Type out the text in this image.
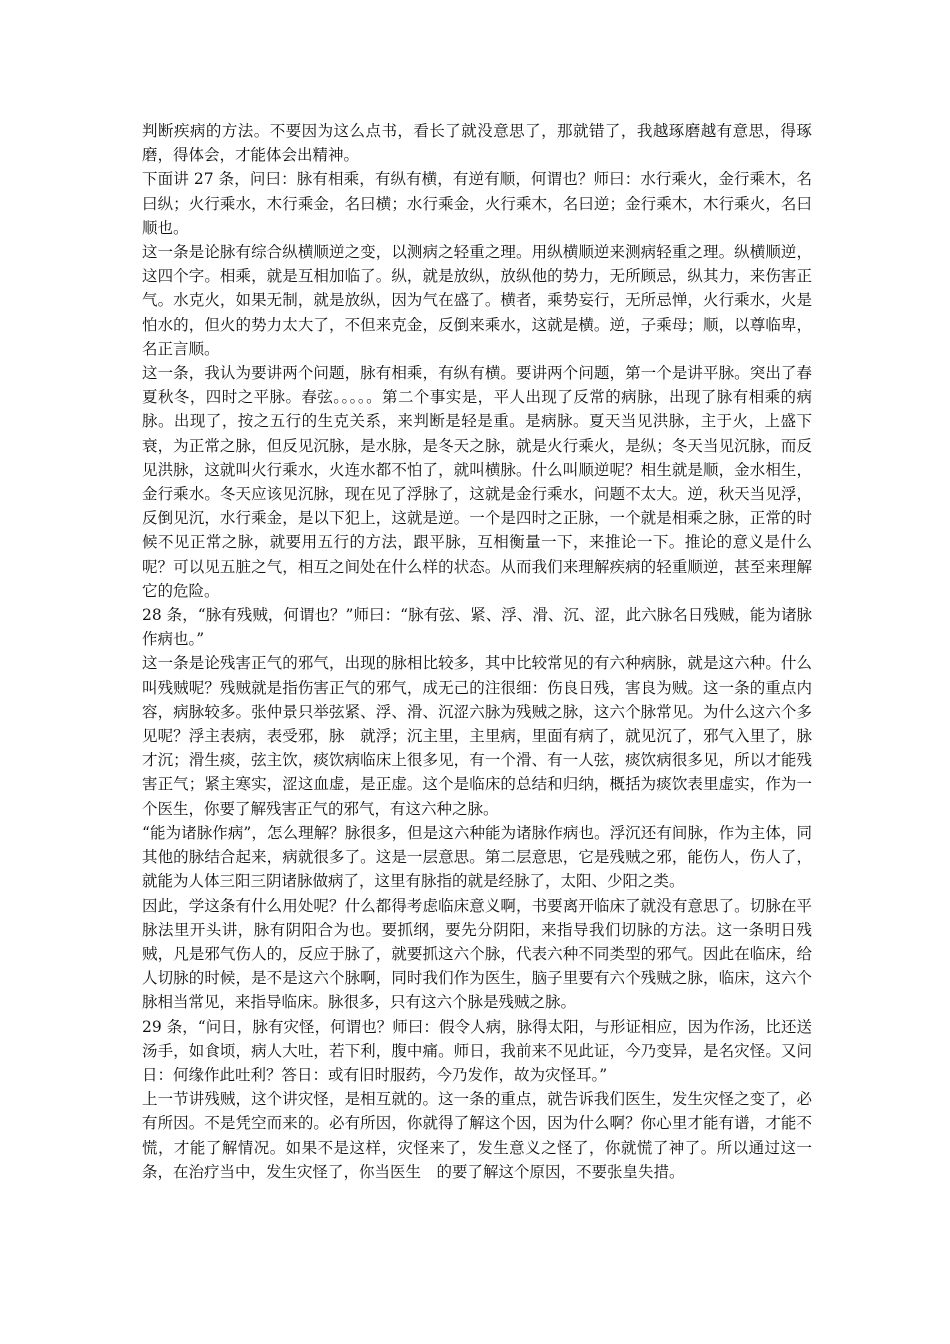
判断疾病的方法。不要因为这么点书，看长了就没意思了，那就错了，我越琢磨越有意思，得琢磨，得体会，才能体会出精神。

下面讲 27 条，问曰：脉有相乘，有纵有横，有逆有顺，何谓也？师曰：水行乘火，金行乘木，名曰纵；火行乘水，木行乘金，名曰横；水行乘金，火行乘木，名曰逆；金行乘木，木行乘火，名曰顺也。

这一条是论脉有综合纵横顺逆之变，以测病之轻重之理。用纵横顺逆来测病轻重之理。纵横顺逆，这四个字。相乘，就是互相加临了。纵，就是放纵，放纵他的势力，无所顾忌，纵其力，来伤害正气。水克火，如果无制，就是放纵，因为气在盛了。横者，乘势妄行，无所忌惮，火行乘水，火是怕水的，但火的势力太大了，不但来克金，反倒来乘水，这就是横。逆，子乘母；顺，以尊临卑，名正言顺。

这一条，我认为要讲两个问题，脉有相乘，有纵有横。要讲两个问题，第一个是讲平脉。突出了春夏秋冬，四时之平脉。春弦。。。。。第二个事实是，平人出现了反常的病脉，出现了脉有相乘的病脉。出现了，按之五行的生克关系，来判断是轻是重。是病脉。夏天当见洪脉，主于火，上盛下衰，为正常之脉，但反见沉脉，是水脉，是冬天之脉，就是火行乘火，是纵；冬天当见沉脉，而反见洪脉，这就叫火行乘水，火连水都不怕了，就叫横脉。什么叫顺逆呢？相生就是顺，金水相生，金行乘水。冬天应该见沉脉，现在见了浮脉了，这就是金行乘水，问题不太大。逆，秋天当见浮，反倒见沉，水行乘金，是以下犯上，这就是逆。一个是四时之正脉，一个就是相乘之脉，正常的时候不见正常之脉，就要用五行的方法，跟平脉，互相衡量一下，来推论一下。推论的意义是什么呢？可以见五脏之气，相互之间处在什么样的状态。从而我们来理解疾病的轻重顺逆，甚至来理解它的危险。

28 条，“脉有残贼，何谓也？”师曰：“脉有弦、紧、浮、滑、沉、涩，此六脉名日残贼，能为诸脉作病也。”

这一条是论残害正气的邪气，出现的脉相比较多，其中比较常见的有六种病脉，就是这六种。什么叫残贼呢？残贼就是指伤害正气的邪气，成无己的注很细：伤良日残，害良为贼。这一条的重点内容，病脉较多。张仲景只举弦紧、浮、滑、沉涩六脉为残贼之脉，这六个脉常见。为什么这六个多见呢？浮主表病，表受邪，脉　就浮；沉主里，主里病，里面有病了，就见沉了，邪气入里了，脉　才沉；滑生痰，弦主饮，痰饮病临床上很多见，有一个滑、有一人弦，痰饮病很多见，所以才能残害正气；紧主寒实，涩这血虚，是正虚。这个是临床的总结和归纳，概括为痰饮表里虚实，作为一个医生，你要了解残害正气的邪气，有这六种之脉。

“能为诸脉作病”，怎么理解？脉很多，但是这六种能为诸脉作病也。浮沉还有间脉，作为主体，同其他的脉结合起来，病就很多了。这是一层意思。第二层意思，它是残贼之邪，能伤人，伤人了，就能为人体三阳三阴诸脉做病了，这里有脉指的就是经脉了，太阳、少阳之类。

因此，学这条有什么用处呢？什么都得考虑临床意义啊，书要离开临床了就没有意思了。切脉在平脉法里开头讲，脉有阴阳合为也。要抓纲，要先分阴阳，来指导我们切脉的方法。这一条明日残贼，凡是邪气伤人的，反应于脉了，就要抓这六个脉，代表六种不同类型的邪气。因此在临床，给人切脉的时候，是不是这六个脉啊，同时我们作为医生，脑子里要有六个残贼之脉，临床，这六个脉相当常见，来指导临床。脉很多，只有这六个脉是残贼之脉。

29 条，“问日，脉有灾怪，何谓也？师曰：假令人病，脉得太阳，与形证相应，因为作汤，比还送汤手，如食顷，病人大吐，若下利，腹中痛。师日，我前来不见此证，今乃变异，是名灾怪。又问日：何缘作此吐利？答日：或有旧时服药，今乃发作，故为灾怪耳。”

上一节讲残贼，这个讲灾怪，是相互就的。这一条的重点，就告诉我们医生，发生灾怪之变了，必有所因。不是凭空而来的。必有所因，你就得了解这个因，因为什么啊？你心里才能有谱，才能不慌，才能了解情况。如果不是这样，灾怪来了，发生意义之怪了，你就慌了神了。所以通过这一条，在治疗当中，发生灾怪了，你当医生　的要了解这个原因，不要张皇失措。
